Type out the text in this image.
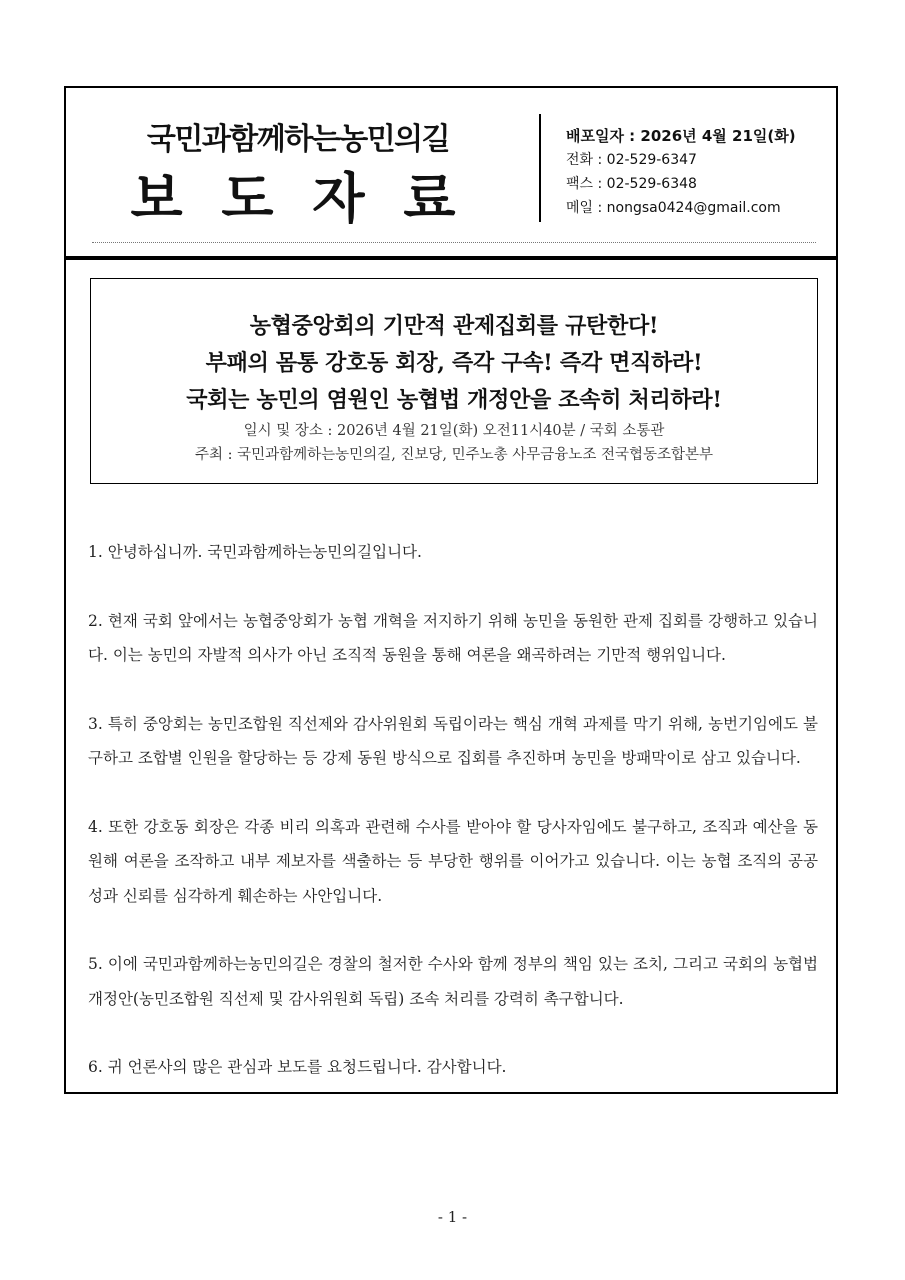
국민과함께하는농민의길
보 도 자 료
배포일자 : 2026년 4월 21일(화)
전화 : 02-529-6347
팩스 : 02-529-6348
메일 : nongsa0424@gmail.com
농협중앙회의 기만적 관제집회를 규탄한다!
부패의 몸통 강호동 회장, 즉각 구속! 즉각 면직하라!
국회는 농민의 염원인 농협법 개정안을 조속히 처리하라!
일시 및 장소 : 2026년 4월 21일(화) 오전11시40분 / 국회 소통관
주최 : 국민과함께하는농민의길, 진보당, 민주노총 사무금융노조 전국협동조합본부

1. 안녕하십니까. 국민과함께하는농민의길입니다.

2. 현재 국회 앞에서는 농협중앙회가 농협 개혁을 저지하기 위해 농민을 동원한 관제 집회를 강행하고 있습니다. 이는 농민의 자발적 의사가 아닌 조직적 동원을 통해 여론을 왜곡하려는 기만적 행위입니다.

3. 특히 중앙회는 농민조합원 직선제와 감사위원회 독립이라는 핵심 개혁 과제를 막기 위해, 농번기임에도 불구하고 조합별 인원을 할당하는 등 강제 동원 방식으로 집회를 추진하며 농민을 방패막이로 삼고 있습니다.

4. 또한 강호동 회장은 각종 비리 의혹과 관련해 수사를 받아야 할 당사자임에도 불구하고, 조직과 예산을 동원해 여론을 조작하고 내부 제보자를 색출하는 등 부당한 행위를 이어가고 있습니다. 이는 농협 조직의 공공성과 신뢰를 심각하게 훼손하는 사안입니다.

5. 이에 국민과함께하는농민의길은 경찰의 철저한 수사와 함께 정부의 책임 있는 조치, 그리고 국회의 농협법 개정안(농민조합원 직선제 및 감사위원회 독립) 조속 처리를 강력히 촉구합니다.

6. 귀 언론사의 많은 관심과 보도를 요청드립니다. 감사합니다.

- 1 -
